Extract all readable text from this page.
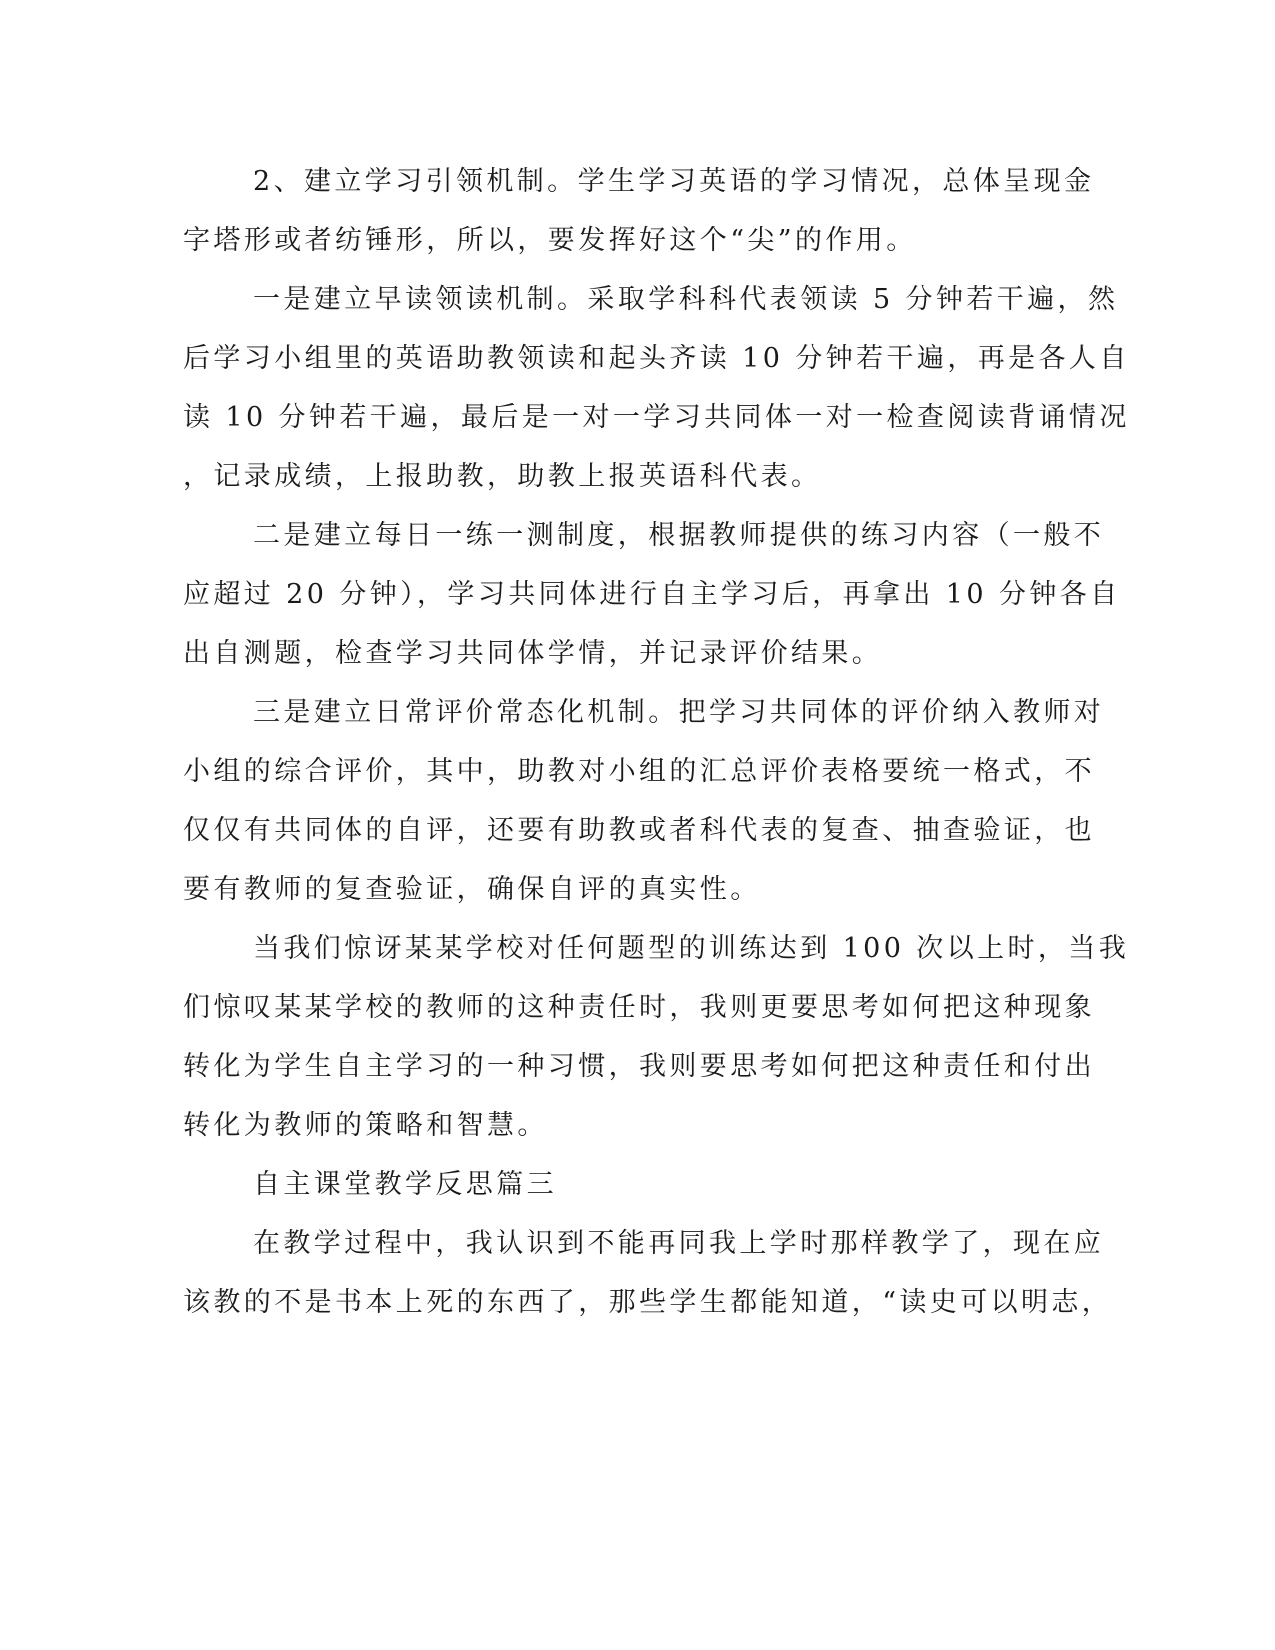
2、建立学习引领机制。学生学习英语的学习情况，总体呈现金

字塔形或者纺锤形，所以，要发挥好这个“尖”的作用。

一是建立早读领读机制。采取学科科代表领读 5 分钟若干遍，然

后学习小组里的英语助教领读和起头齐读 10 分钟若干遍，再是各人自

读 10 分钟若干遍，最后是一对一学习共同体一对一检查阅读背诵情况

，记录成绩，上报助教，助教上报英语科代表。

二是建立每日一练一测制度，根据教师提供的练习内容（一般不

应超过 20 分钟），学习共同体进行自主学习后，再拿出 10 分钟各自

出自测题，检查学习共同体学情，并记录评价结果。

三是建立日常评价常态化机制。把学习共同体的评价纳入教师对

小组的综合评价，其中，助教对小组的汇总评价表格要统一格式，不

仅仅有共同体的自评，还要有助教或者科代表的复查、抽查验证，也

要有教师的复查验证，确保自评的真实性。

当我们惊讶某某学校对任何题型的训练达到 100 次以上时，当我

们惊叹某某学校的教师的这种责任时，我则更要思考如何把这种现象

转化为学生自主学习的一种习惯，我则要思考如何把这种责任和付出

转化为教师的策略和智慧。

自主课堂教学反思篇三

在教学过程中，我认识到不能再同我上学时那样教学了，现在应

该教的不是书本上死的东西了，那些学生都能知道，“读史可以明志，
